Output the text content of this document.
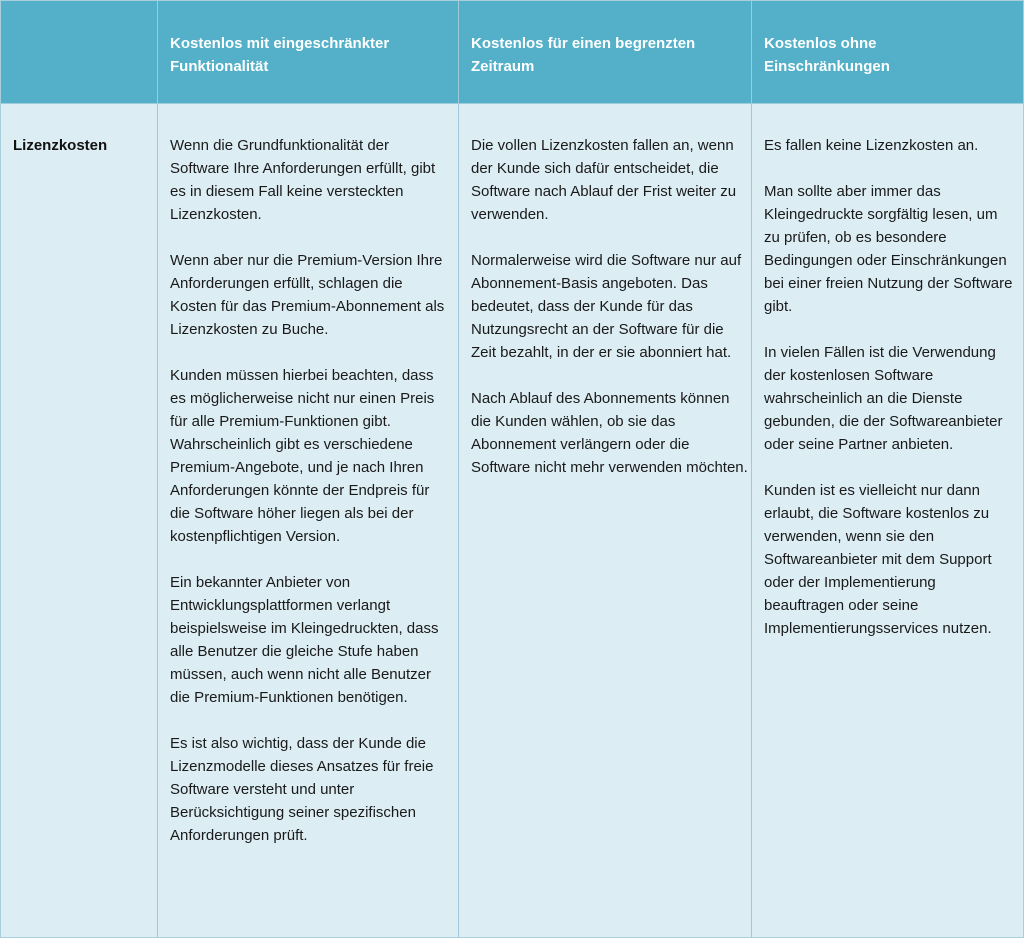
Kostenlos mit eingeschränkter Funktionalität
Kostenlos für einen begrenzten Zeitraum
Kostenlos ohne Einschränkungen
Lizenzkosten	Wenn die Grundfunktionalität der Software Ihre Anforderungen erfüllt, gibt es in diesem Fall keine versteckten Lizenzkosten.

Wenn aber nur die Premium-Version Ihre Anforderungen erfüllt, schlagen die Kosten für das Premium-Abonnement als Lizenzkosten zu Buche.

Kunden müssen hierbei beachten, dass es möglicherweise nicht nur einen Preis für alle Premium-Funktionen gibt. Wahrscheinlich gibt es verschiedene Premium-Angebote, und je nach Ihren Anforderungen könnte der Endpreis für die Software höher liegen als bei der kostenpflichtigen Version.

Ein bekannter Anbieter von Entwicklungsplattformen verlangt beispielsweise im Kleingedruckten, dass alle Benutzer die gleiche Stufe haben müssen, auch wenn nicht alle Benutzer die Premium-Funktionen benötigen.

Es ist also wichtig, dass der Kunde die Lizenzmodelle dieses Ansatzes für freie Software versteht und unter Berücksichtigung seiner spezifischen Anforderungen prüft.

Die vollen Lizenzkosten fallen an, wenn der Kunde sich dafür entscheidet, die Software nach Ablauf der Frist weiter zu verwenden.

Normalerweise wird die Software nur auf Abonnement-Basis angeboten. Das bedeutet, dass der Kunde für das Nutzungsrecht an der Software für die Zeit bezahlt, in der er sie abonniert hat.

Nach Ablauf des Abonnements können die Kunden wählen, ob sie das Abonnement verlängern oder die Software nicht mehr verwenden möchten.

Es fallen keine Lizenzkosten an.

Man sollte aber immer das Kleingedruckte sorgfältig lesen, um zu prüfen, ob es besondere Bedingungen oder Einschränkungen bei einer freien Nutzung der Software gibt.

In vielen Fällen ist die Verwendung der kostenlosen Software wahrscheinlich an die Dienste gebunden, die der Softwareanbieter oder seine Partner anbieten.

Kunden ist es vielleicht nur dann erlaubt, die Software kostenlos zu verwenden, wenn sie den Softwareanbieter mit dem Support oder der Implementierung beauftragen oder seine Implementierungsservices nutzen.
